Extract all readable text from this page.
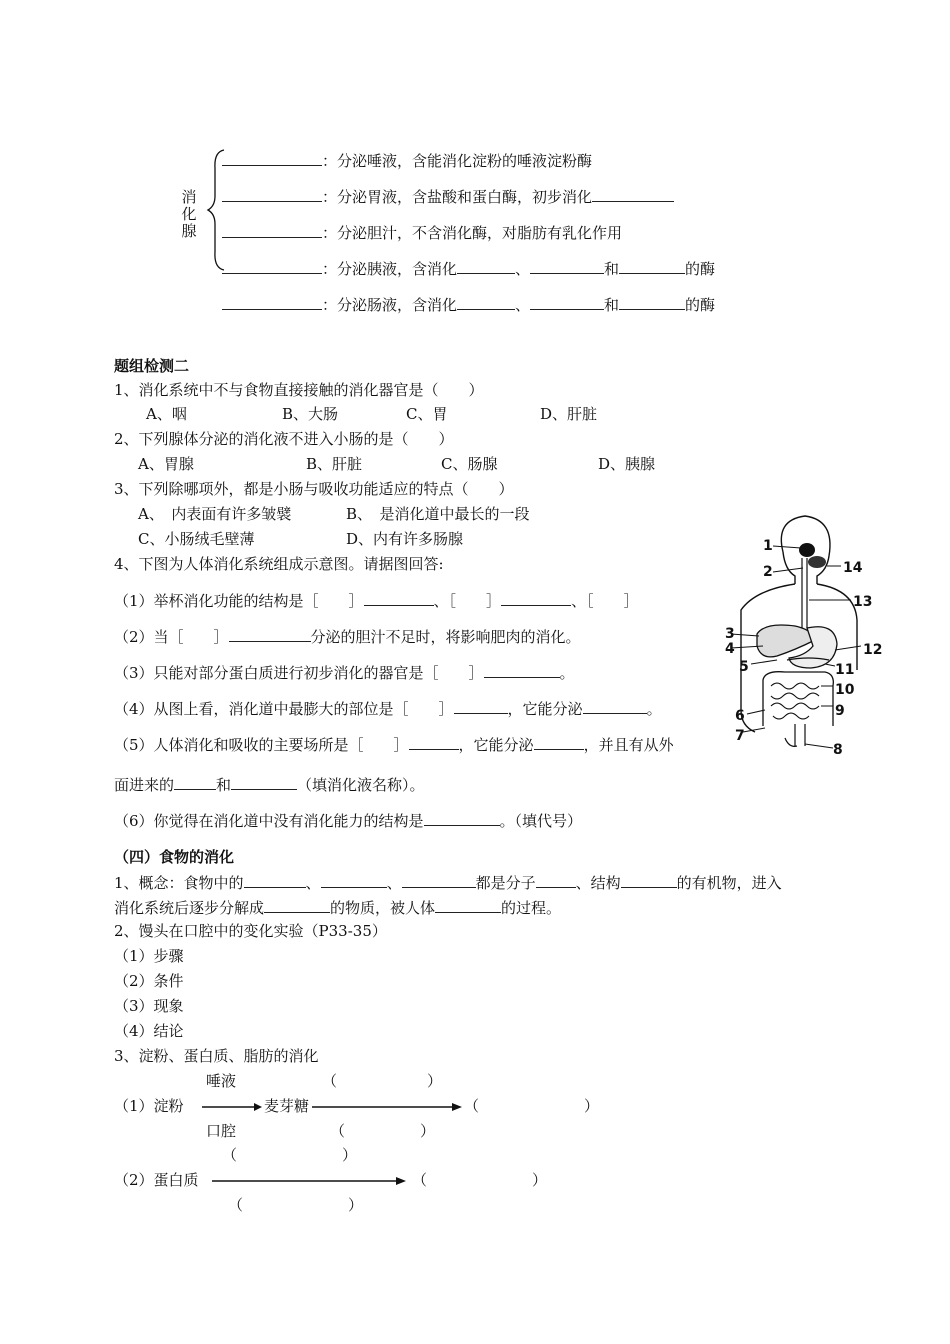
消
化
腺
：分泌唾液，含能消化淀粉的唾液淀粉酶
：分泌胃液，含盐酸和蛋白酶，初步消化
：分泌胆汁，不含消化酶，对脂肪有乳化作用
：分泌胰液，含消化	、	和	的酶
：分泌肠液，含消化	、	和	的酶
题组检测二
1、消化系统中不与食物直接接触的消化器官是（　　）
A、咽	B、大肠	C、胃	D、肝脏
2、下列腺体分泌的消化液不进入小肠的是（　　）
A、胃腺	B、肝脏	C、肠腺	D、胰腺
3、下列除哪项外，都是小肠与吸收功能适应的特点（　　）
A、　内表面有许多皱襞	B、　是消化道中最长的一段
C、小肠绒毛壁薄	D、内有许多肠腺
4、下图为人体消化系统组成示意图。请据图回答:
（1）举杯消化功能的结构是［　　］	、［　　］	、［　　］
（2）当［　　］	分泌的胆汁不足时，将影响肥肉的消化。
（3）只能对部分蛋白质进行初步消化的器官是［　　］	。
（4）从图上看，消化道中最膨大的部位是［　　］	，它能分泌	。
（5）人体消化和吸收的主要场所是［　　］	，它能分泌	，并且有从外
面进来的	和	（填消化液名称）。
（6）你觉得在消化道中没有消化能力的结构是	。（填代号）
1
2
3
4
5
6
7
8
9
10
11
12
13
14
（四）食物的消化
1、概念：食物中的	、	、	都是分子	、结构	的有机物，进入
消化系统后逐步分解成	的物质，被人体	的过程。
2、馒头在口腔中的变化实验（P33-35）
（1）步骤
（2）条件
（3）现象
（4）结论
3、淀粉、蛋白质、脂肪的消化
唾液	（　　　　　　）
（1）淀粉	麦芽糖	（　　　　　　　）
口腔	（　　　　　）
（　　　　　　　）
（2）蛋白质	（　　　　　　　）
（　　　　　　　）
